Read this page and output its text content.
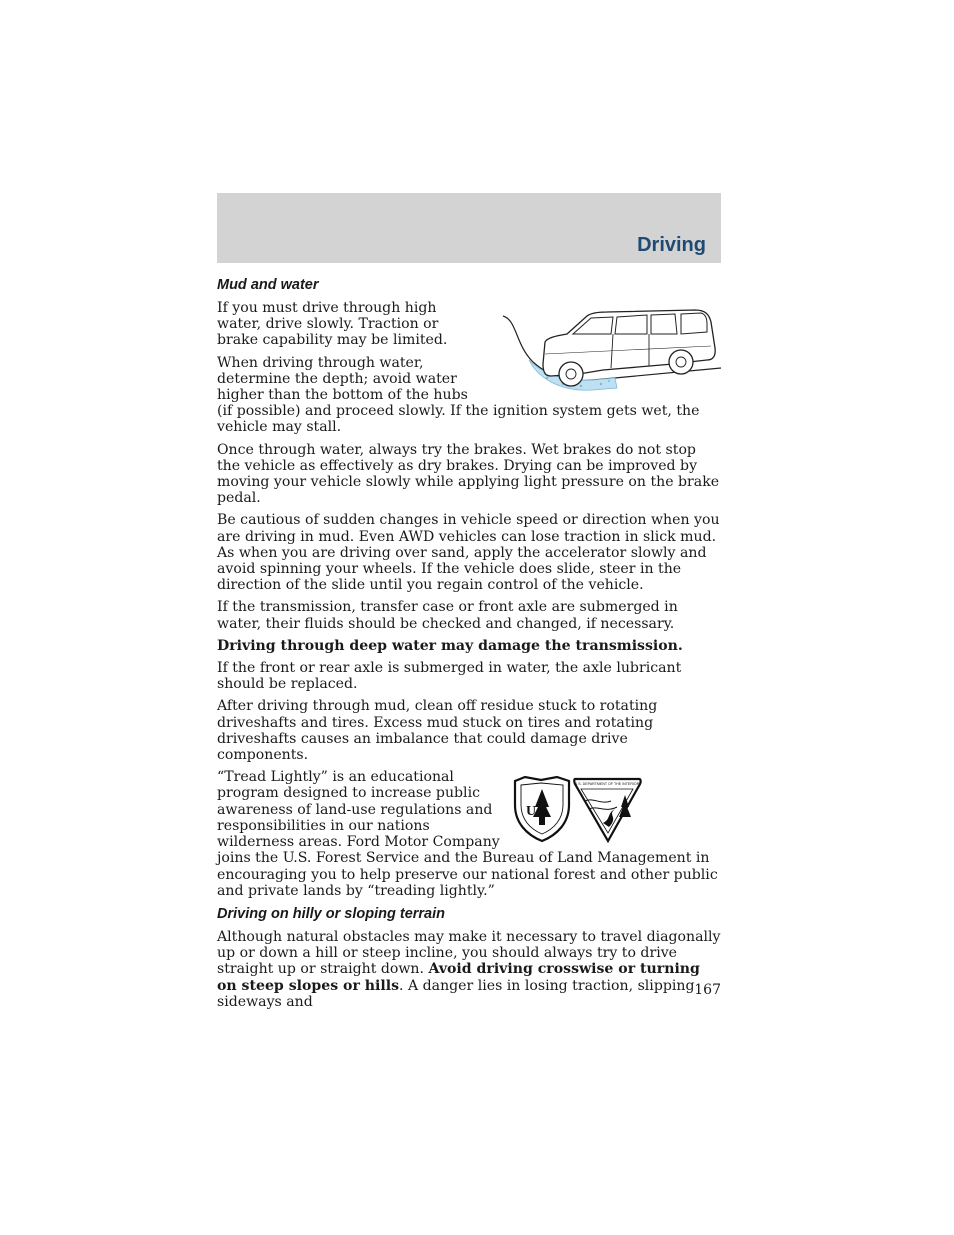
Driving
Mud and water

If you must drive through high water, drive slowly. Traction or brake capability may be limited.

When driving through water, determine the depth; avoid water higher than the bottom of the hubs (if possible) and proceed slowly. If the ignition system gets wet, the vehicle may stall.

Once through water, always try the brakes. Wet brakes do not stop the vehicle as effectively as dry brakes. Drying can be improved by moving your vehicle slowly while applying light pressure on the brake pedal.

Be cautious of sudden changes in vehicle speed or direction when you are driving in mud. Even AWD vehicles can lose traction in slick mud. As when you are driving over sand, apply the accelerator slowly and avoid spinning your wheels. If the vehicle does slide, steer in the direction of the slide until you regain control of the vehicle.

If the transmission, transfer case or front axle are submerged in water, their fluids should be checked and changed, if necessary.

Driving through deep water may damage the transmission.

If the front or rear axle is submerged in water, the axle lubricant should be replaced.

After driving through mud, clean off residue stuck to rotating driveshafts and tires. Excess mud stuck on tires and rotating driveshafts causes an imbalance that could damage drive components.

U S
U.S. DEPARTMENT OF THE INTERIOR

“Tread Lightly” is an educational program designed to increase public awareness of land-use regulations and responsibilities in our nations wilderness areas. Ford Motor Company joins the U.S. Forest Service and the Bureau of Land Management in encouraging you to help preserve our national forest and other public and private lands by “treading lightly.”

Driving on hilly or sloping terrain

Although natural obstacles may make it necessary to travel diagonally up or down a hill or steep incline, you should always try to drive straight up or straight down. Avoid driving crosswise or turning on steep slopes or hills. A danger lies in losing traction, slipping sideways and

167
